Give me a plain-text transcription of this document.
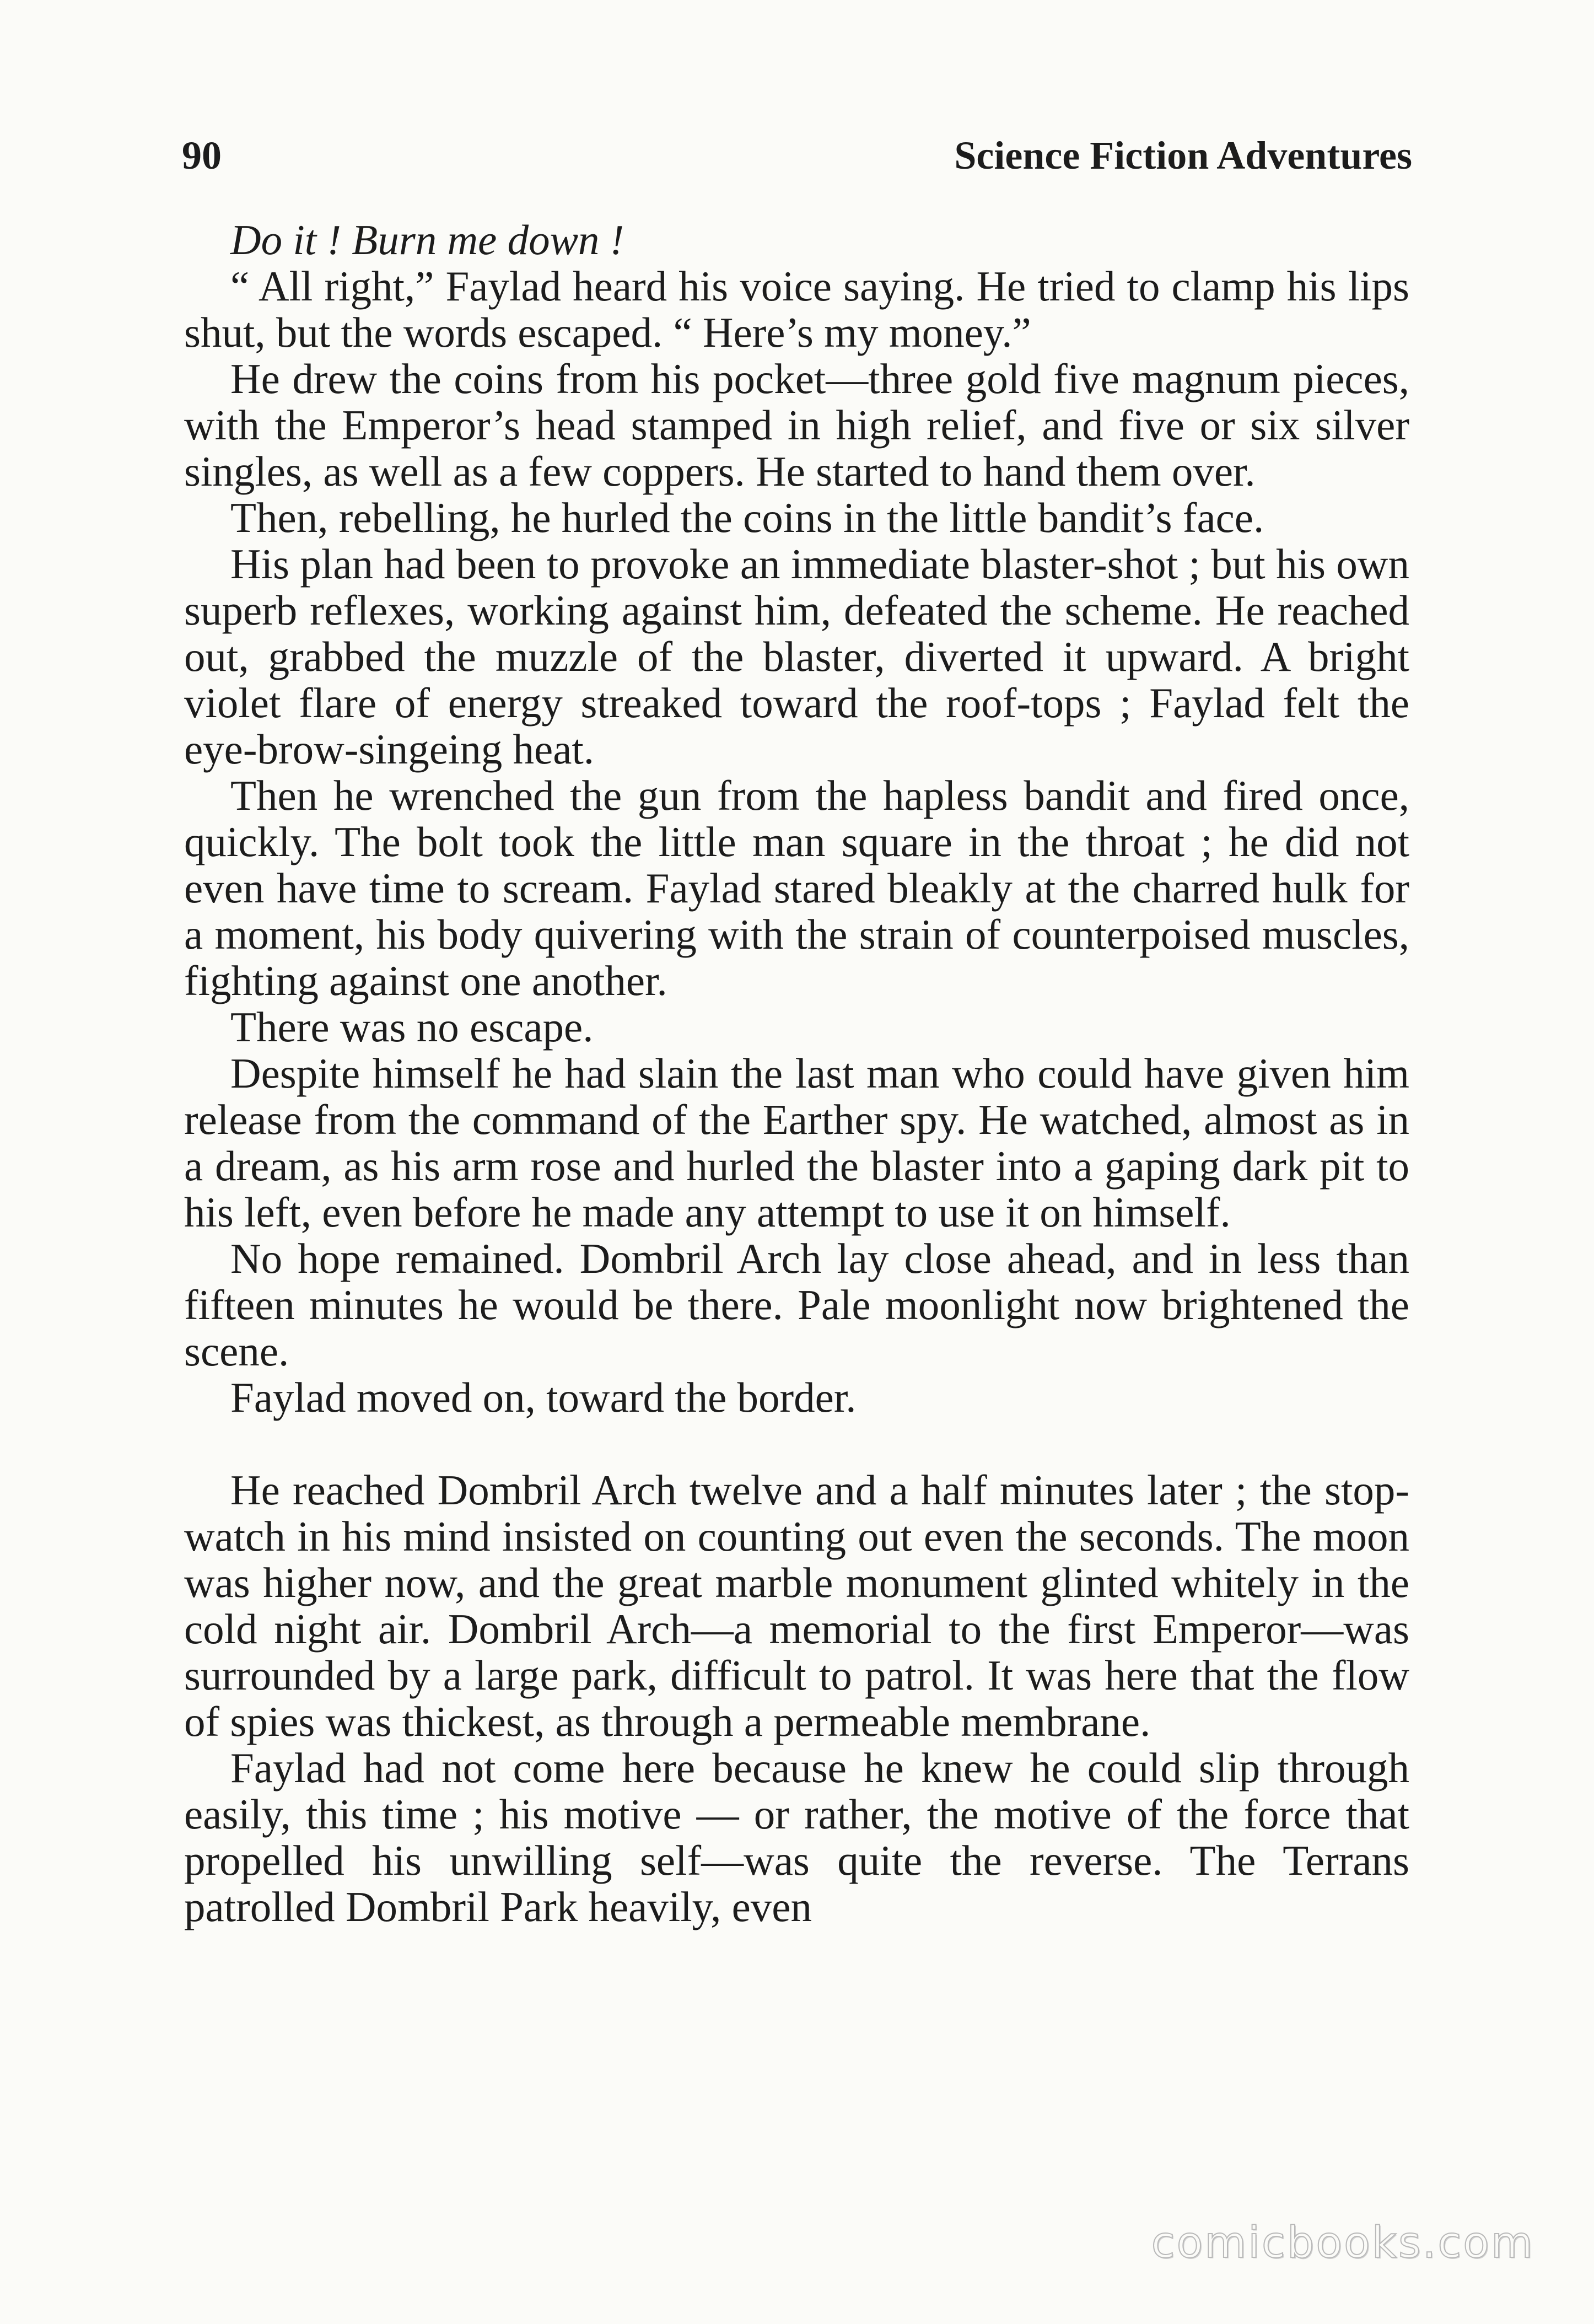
90	Science Fiction Adventures

Do it ! Burn me down !

“ All right,” Faylad heard his voice saying. He tried to clamp his lips shut, but the words escaped. “ Here’s my money.”

He drew the coins from his pocket—three gold five magnum pieces, with the Emperor’s head stamped in high relief, and five or six silver singles, as well as a few coppers. He started to hand them over.

Then, rebelling, he hurled the coins in the little bandit’s face.

His plan had been to provoke an immediate blaster-shot ; but his own superb reflexes, working against him, defeated the scheme. He reached out, grabbed the muzzle of the blaster, diverted it upward. A bright violet flare of energy streaked toward the roof-tops ; Faylad felt the eye-brow-singeing heat.

Then he wrenched the gun from the hapless bandit and fired once, quickly. The bolt took the little man square in the throat ; he did not even have time to scream. Faylad stared bleakly at the charred hulk for a moment, his body quivering with the strain of counterpoised muscles, fighting against one another.

There was no escape.

Despite himself he had slain the last man who could have given him release from the command of the Earther spy. He watched, almost as in a dream, as his arm rose and hurled the blaster into a gaping dark pit to his left, even before he made any attempt to use it on himself.

No hope remained. Dombril Arch lay close ahead, and in less than fifteen minutes he would be there. Pale moonlight now brightened the scene.

Faylad moved on, toward the border.

He reached Dombril Arch twelve and a half minutes later ; the stop-watch in his mind insisted on counting out even the seconds. The moon was higher now, and the great marble monument glinted whitely in the cold night air. Dombril Arch—a memorial to the first Emperor—was surrounded by a large park, difficult to patrol. It was here that the flow of spies was thickest, as through a permeable membrane.

Faylad had not come here because he knew he could slip through easily, this time ; his motive — or rather, the motive of the force that propelled his unwilling self—was quite the reverse. The Terrans patrolled Dombril Park heavily, even

comicbooks.com
